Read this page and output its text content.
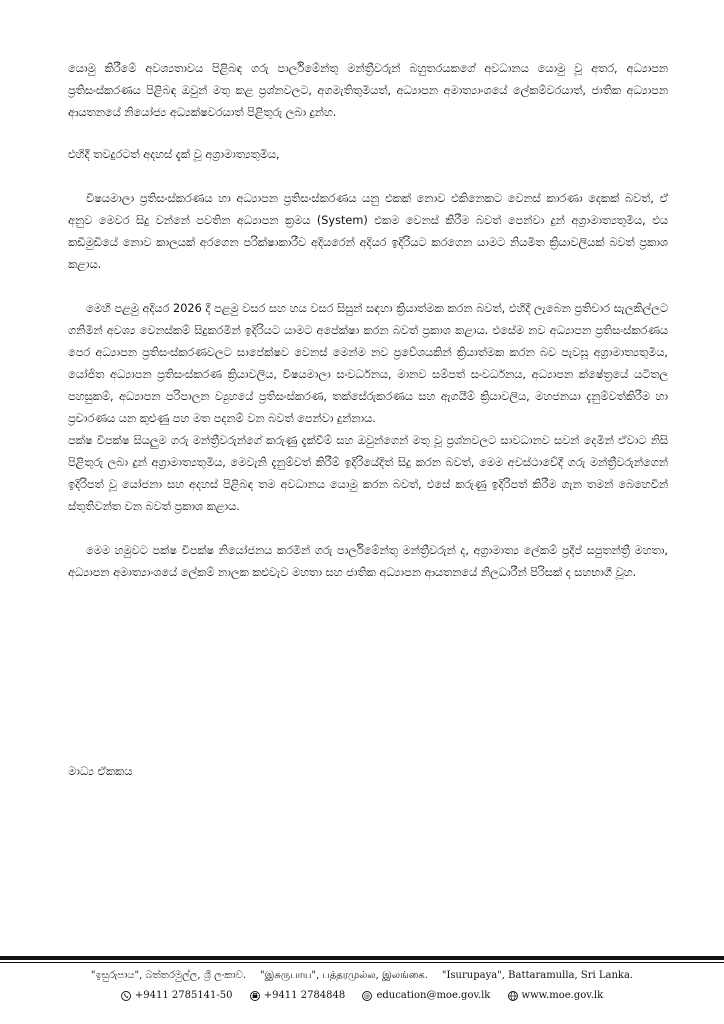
යොමු කිරීමේ අවශ්‍යතාවය පිළිබඳ ගරු පාර්ලිමේන්තු මන්ත්‍රීවරුන් බහුතරයකගේ අවධානය යොමු වූ අතර, අධ්‍යාපන ප්‍රතිසංස්කරණය පිළිබඳ ඔවුන් මතු කළ ප්‍රශ්නවලට, අගමැතිතුමියත්, අධ්‍යාපන අමාත්‍යාංශයේ ලේකම්වරයාත්, ජාතික අධ්‍යාපන ආයතනයේ නියෝජ්‍ය අධ්‍යක්ෂවරයාත් පිළිතුරු ලබා දුන්හ.

එහිදී තවදුරටත් අදහස් දැක් වූ අග්‍රාමාත්‍යතුමිය,

විෂයමාලා ප්‍රතිසංස්කරණය හා අධ්‍යාපන ප්‍රතිසංස්කරණය යනු එකක් නොව එකිනෙකට වෙනස් කාරණා දෙකක් බවත්, ඒ අනුව මෙවර සිදු වන්නේ පවතින අධ්‍යාපන ක්‍රමය (System) එකම වෙනස් කිරීම බවත් පෙන්වා දුන් අග්‍රාමාත්‍යතුමිය, එය කඩිමුඩියේ නොව කාලයක් අරගෙන පරික්ෂාකාරීව අදියරෙන් අදියර ඉදිරියට කරගෙන යාමට නියමිත ක්‍රියාවලියක් බවත් ප්‍රකාශ කළාය.

මෙහි පළමු අදියර 2026 දී පළමු වසර සහ හය වසර සිසුන් සඳහා ක්‍රියාත්මක කරන බවත්, එහිදී ලැබෙන ප්‍රතිචාර සැලකිල්ලට ගනිමින් අවශ්‍ය වෙනස්කම් සිදුකරමින් ඉදිරියට යාමට අපේක්ෂා කරන බවත් ප්‍රකාශ කළාය. එසේම නව අධ්‍යාපන ප්‍රතිසංස්කරණය පෙර අධ්‍යාපන ප්‍රතිසංස්කරණවලට සාපේක්ෂව වෙනස් මෙන්ම නව ප්‍රවේශයකින් ක්‍රියාත්මක කරන බව පැවසූ අග්‍රාමාත්‍යතුමිය, යෝජිත අධ්‍යාපන ප්‍රතිසංස්කරණ ක්‍රියාවලිය, විෂයමාලා සංවර්ධනය, මානව සම්පත් සංවර්ධනය, අධ්‍යාපන ක්ෂේත්‍රයේ යටිතල පහසුකම්, අධ්‍යාපන පරිපාලන ව්‍යුහයේ ප්‍රතිසංස්කරණ, තක්සේරුකරණය සහ ඇගයීම් ක්‍රියාවලිය, මහජනයා දැනුම්වත්කිරීම හා ප්‍රචාරණය යන කුළුණු පහ මත පදනම් වන බවත් පෙන්වා දුන්නාය.

පක්ෂ විපක්ෂ සියලුම ගරු මන්ත්‍රීවරුන්ගේ කරුණු දැක්වීම් සහ ඔවුන්ගෙන් මතු වූ ප්‍රශ්නවලට සාවධානව සවන් දෙමින් ඒවාට නිසි පිළිතුරු ලබා දුන් අග්‍රාමාත්‍යතුමිය, මෙවැනි දැනුම්වත් කිරීම් ඉදිරියේදිත් සිදු කරන බවත්, මෙම අවස්ථාවේදී ගරු මන්ත්‍රීවරුන්ගෙන් ඉදිරිපත් වූ යෝජනා සහ අදහස් පිළිබඳ තම අවධානය යොමු කරන බවත්, එසේ කරුණු ඉදිරිපත් කිරීම ගැන තමන් බෙහෙවින් ස්තුතිවන්ත වන බවත් ප්‍රකාශ කළාය.

මෙම හමුවට පක්ෂ විපක්ෂ නියෝජනය කරමින් ගරු පාර්ලිමේන්තු මන්ත්‍රීවරුන් ද, අග්‍රාමාත්‍ය ලේකම් ප්‍රදීප් සපුතන්ත්‍රී මහතා, අධ්‍යාපන අමාත්‍යාංශයේ ලේකම් නාලක කළුවැව මහතා සහ ජාතික අධ්‍යාපන ආයතනයේ නිලධාරීන් පිරිසක් ද සහභාගී වූහ.

මාධ්‍ය ඒකකය
"ඉසුරුපාය", බත්තරමුල්ල, ශ්‍රී ලංකාව. "இசுருபாய", பத்தரமுல்ல, இலங்கை. "Isurupaya", Battaramulla, Sri Lanka.
+9411 2785141-50
	+9411 2784848
	@ education@moe.gov.lk
	www.moe.gov.lk
